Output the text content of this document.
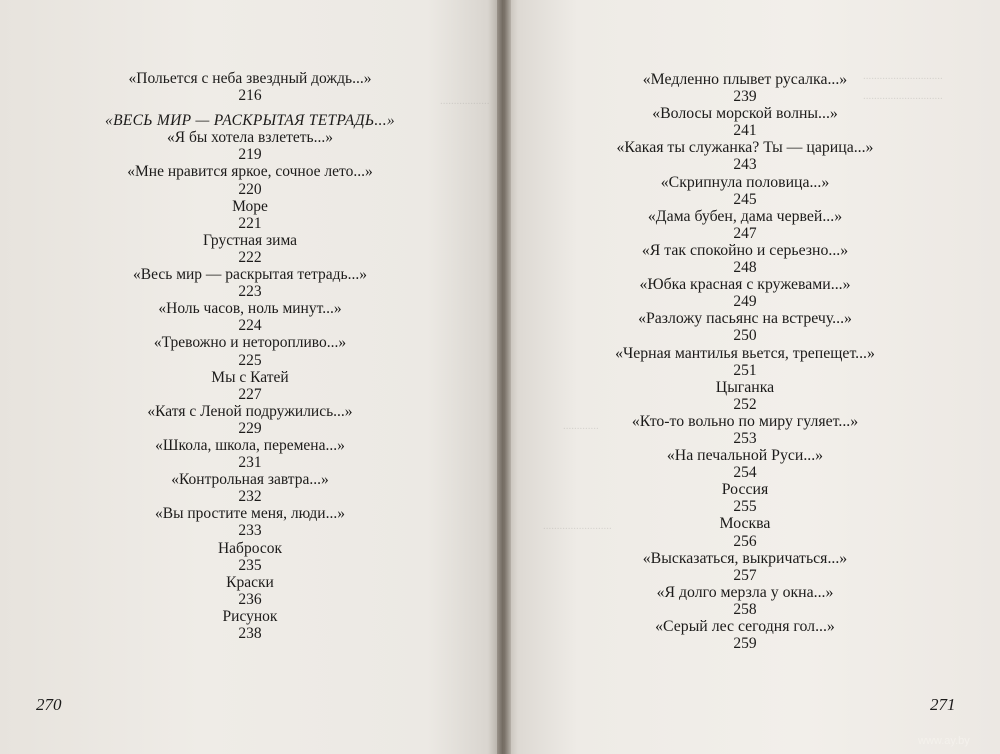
..................
.............................
.............................
.............
.........................
«Польется с неба звездный дождь...»
216
«ВЕСЬ МИР — РАСКРЫТАЯ ТЕТРАДЬ...»
«Я бы хотела взлететь...»
219
«Мне нравится яркое, сочное лето...»
220
Море
221
Грустная зима
222
«Весь мир — раскрытая тетрадь...»
223
«Ноль часов, ноль минут...»
224
«Тревожно и неторопливо...»
225
Мы с Катей
227
«Катя с Леной подружились...»
229
«Школа, школа, перемена...»
231
«Контрольная завтра...»
232
«Вы простите меня, люди...»
233
Набросок
235
Краски
236
Рисунок
238
«Медленно плывет русалка...»
239
«Волосы морской волны...»
241
«Какая ты служанка? Ты — царица...»
243
«Скрипнула половица...»
245
«Дама бубен, дама червей...»
247
«Я так спокойно и серьезно...»
248
«Юбка красная с кружевами...»
249
«Разложу пасьянс на встречу...»
250
«Черная мантилья вьется, трепещет...»
251
Цыганка
252
«Кто-то вольно по миру гуляет...»
253
«На печальной Руси...»
254
Россия
255
Москва
256
«Высказаться, выкричаться...»
257
«Я долго мерзла у окна...»
258
«Серый лес сегодня гол...»
259
270	271
www.ay.by
